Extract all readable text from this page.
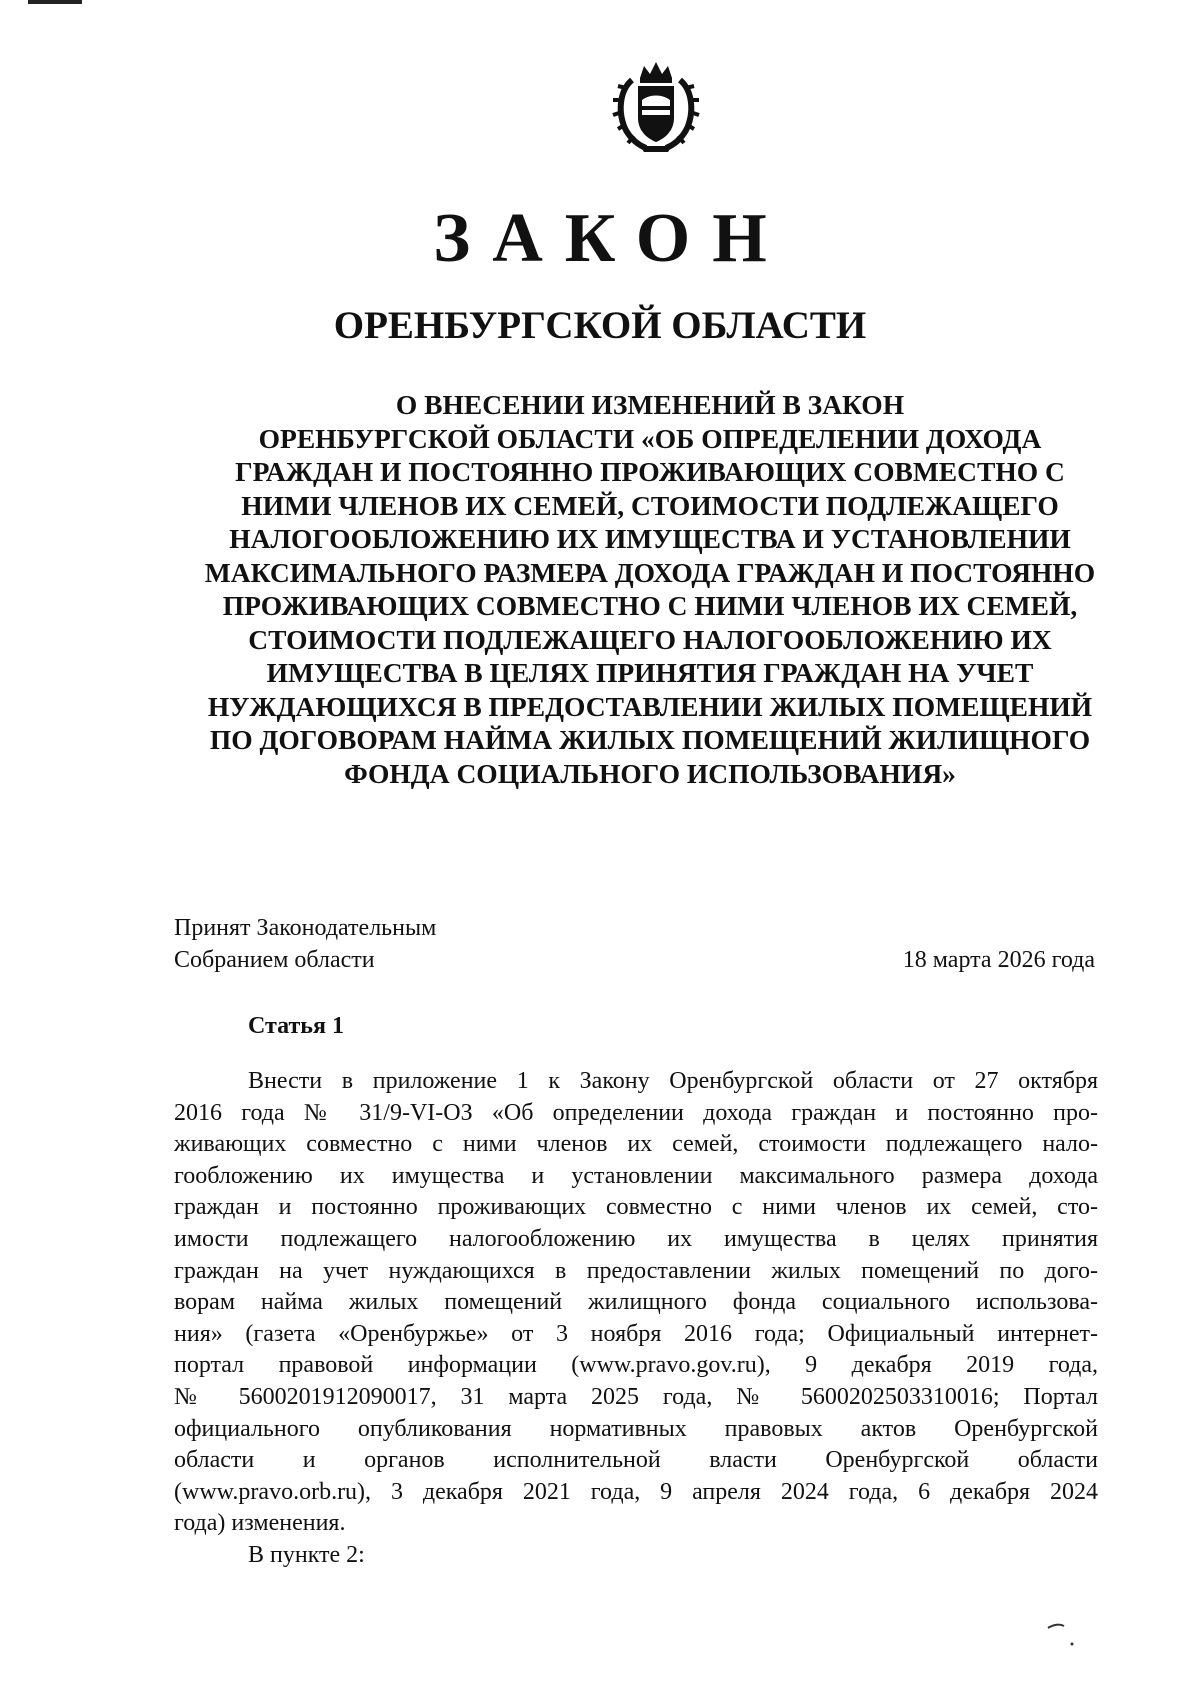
ЗАКОН
ОРЕНБУРГСКОЙ ОБЛАСТИ
О ВНЕСЕНИИ ИЗМЕНЕНИЙ В ЗАКОН
ОРЕНБУРГСКОЙ ОБЛАСТИ «ОБ ОПРЕДЕЛЕНИИ ДОХОДА
ГРАЖДАН И ПОСТОЯННО ПРОЖИВАЮЩИХ СОВМЕСТНО С
НИМИ ЧЛЕНОВ ИХ СЕМЕЙ, СТОИМОСТИ ПОДЛЕЖАЩЕГО
НАЛОГООБЛОЖЕНИЮ ИХ ИМУЩЕСТВА И УСТАНОВЛЕНИИ
МАКСИМАЛЬНОГО РАЗМЕРА ДОХОДА ГРАЖДАН И ПОСТОЯННО
ПРОЖИВАЮЩИХ СОВМЕСТНО С НИМИ ЧЛЕНОВ ИХ СЕМЕЙ,
СТОИМОСТИ ПОДЛЕЖАЩЕГО НАЛОГООБЛОЖЕНИЮ ИХ
ИМУЩЕСТВА В ЦЕЛЯХ ПРИНЯТИЯ ГРАЖДАН НА УЧЕТ
НУЖДАЮЩИХСЯ В ПРЕДОСТАВЛЕНИИ ЖИЛЫХ ПОМЕЩЕНИЙ
ПО ДОГОВОРАМ НАЙМА ЖИЛЫХ ПОМЕЩЕНИЙ ЖИЛИЩНОГО
ФОНДА СОЦИАЛЬНОГО ИСПОЛЬЗОВАНИЯ»
Принят Законодательным
Собранием области	18 марта 2026 года
Статья 1
Внести в приложение 1 к Закону Оренбургской области от 27 октября
2016 года № 31/9-VI-ОЗ «Об определении дохода граждан и постоянно про-
живающих совместно с ними членов их семей, стоимости подлежащего нало-
гообложению их имущества и установлении максимального размера дохода
граждан и постоянно проживающих совместно с ними членов их семей, сто-
имости подлежащего налогообложению их имущества в целях принятия
граждан на учет нуждающихся в предоставлении жилых помещений по дого-
ворам найма жилых помещений жилищного фонда социального использова-
ния» (газета «Оренбуржье» от 3 ноября 2016 года; Официальный интернет-
портал правовой информации (www.pravo.gov.ru), 9 декабря 2019 года,
№ 5600201912090017, 31 марта 2025 года, № 5600202503310016; Портал
официального опубликования нормативных правовых актов Оренбургской
области и органов исполнительной власти Оренбургской области
(www.pravo.orb.ru), 3 декабря 2021 года, 9 апреля 2024 года, 6 декабря 2024
года) изменения.
В пункте 2:
